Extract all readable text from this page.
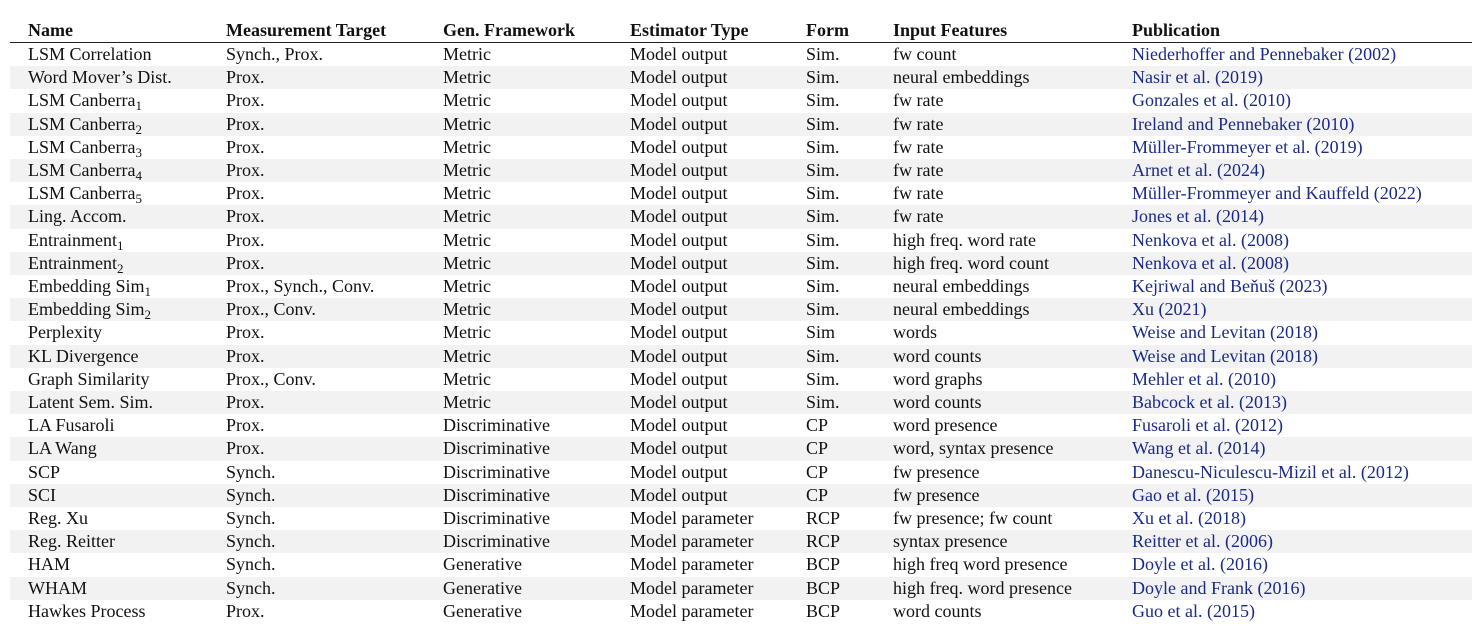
Name	Measurement Target	Gen. Framework	Estimator Type	Form	Input Features	Publication
LSM Correlation	Synch., Prox.	Metric	Model output	Sim.	fw count	Niederhoffer and Pennebaker (2002)
Word Mover’s Dist.	Prox.	Metric	Model output	Sim.	neural embeddings	Nasir et al. (2019)
LSM Canberra$_1$	Prox.	Metric	Model output	Sim.	fw rate	Gonzales et al. (2010)
LSM Canberra$_2$	Prox.	Metric	Model output	Sim.	fw rate	Ireland and Pennebaker (2010)
LSM Canberra$_3$	Prox.	Metric	Model output	Sim.	fw rate	Müller-Frommeyer et al. (2019)
LSM Canberra$_4$	Prox.	Metric	Model output	Sim.	fw rate	Arnet et al. (2024)
LSM Canberra$_5$	Prox.	Metric	Model output	Sim.	fw rate	Müller-Frommeyer and Kauffeld (2022)
Ling. Accom.	Prox.	Metric	Model output	Sim.	fw rate	Jones et al. (2014)
Entrainment$_1$	Prox.	Metric	Model output	Sim.	high freq. word rate	Nenkova et al. (2008)
Entrainment$_2$	Prox.	Metric	Model output	Sim.	high freq. word count	Nenkova et al. (2008)
Embedding Sim$_1$	Prox., Synch., Conv.	Metric	Model output	Sim.	neural embeddings	Kejriwal and Beňuš (2023)
Embedding Sim$_2$	Prox., Conv.	Metric	Model output	Sim.	neural embeddings	Xu (2021)
Perplexity	Prox.	Metric	Model output	Sim	words	Weise and Levitan (2018)
KL Divergence	Prox.	Metric	Model output	Sim.	word counts	Weise and Levitan (2018)
Graph Similarity	Prox., Conv.	Metric	Model output	Sim.	word graphs	Mehler et al. (2010)
Latent Sem. Sim.	Prox.	Metric	Model output	Sim.	word counts	Babcock et al. (2013)
LA Fusaroli	Prox.	Discriminative	Model output	CP	word presence	Fusaroli et al. (2012)
LA Wang	Prox.	Discriminative	Model output	CP	word, syntax presence	Wang et al. (2014)
SCP	Synch.	Discriminative	Model output	CP	fw presence	Danescu-Niculescu-Mizil et al. (2012)
SCI	Synch.	Discriminative	Model output	CP	fw presence	Gao et al. (2015)
Reg. Xu	Synch.	Discriminative	Model parameter	RCP	fw presence; fw count	Xu et al. (2018)
Reg. Reitter	Synch.	Discriminative	Model parameter	RCP	syntax presence	Reitter et al. (2006)
HAM	Synch.	Generative	Model parameter	BCP	high freq word presence	Doyle et al. (2016)
WHAM	Synch.	Generative	Model parameter	BCP	high freq. word presence	Doyle and Frank (2016)
Hawkes Process	Prox.	Generative	Model parameter	BCP	word counts	Guo et al. (2015)
